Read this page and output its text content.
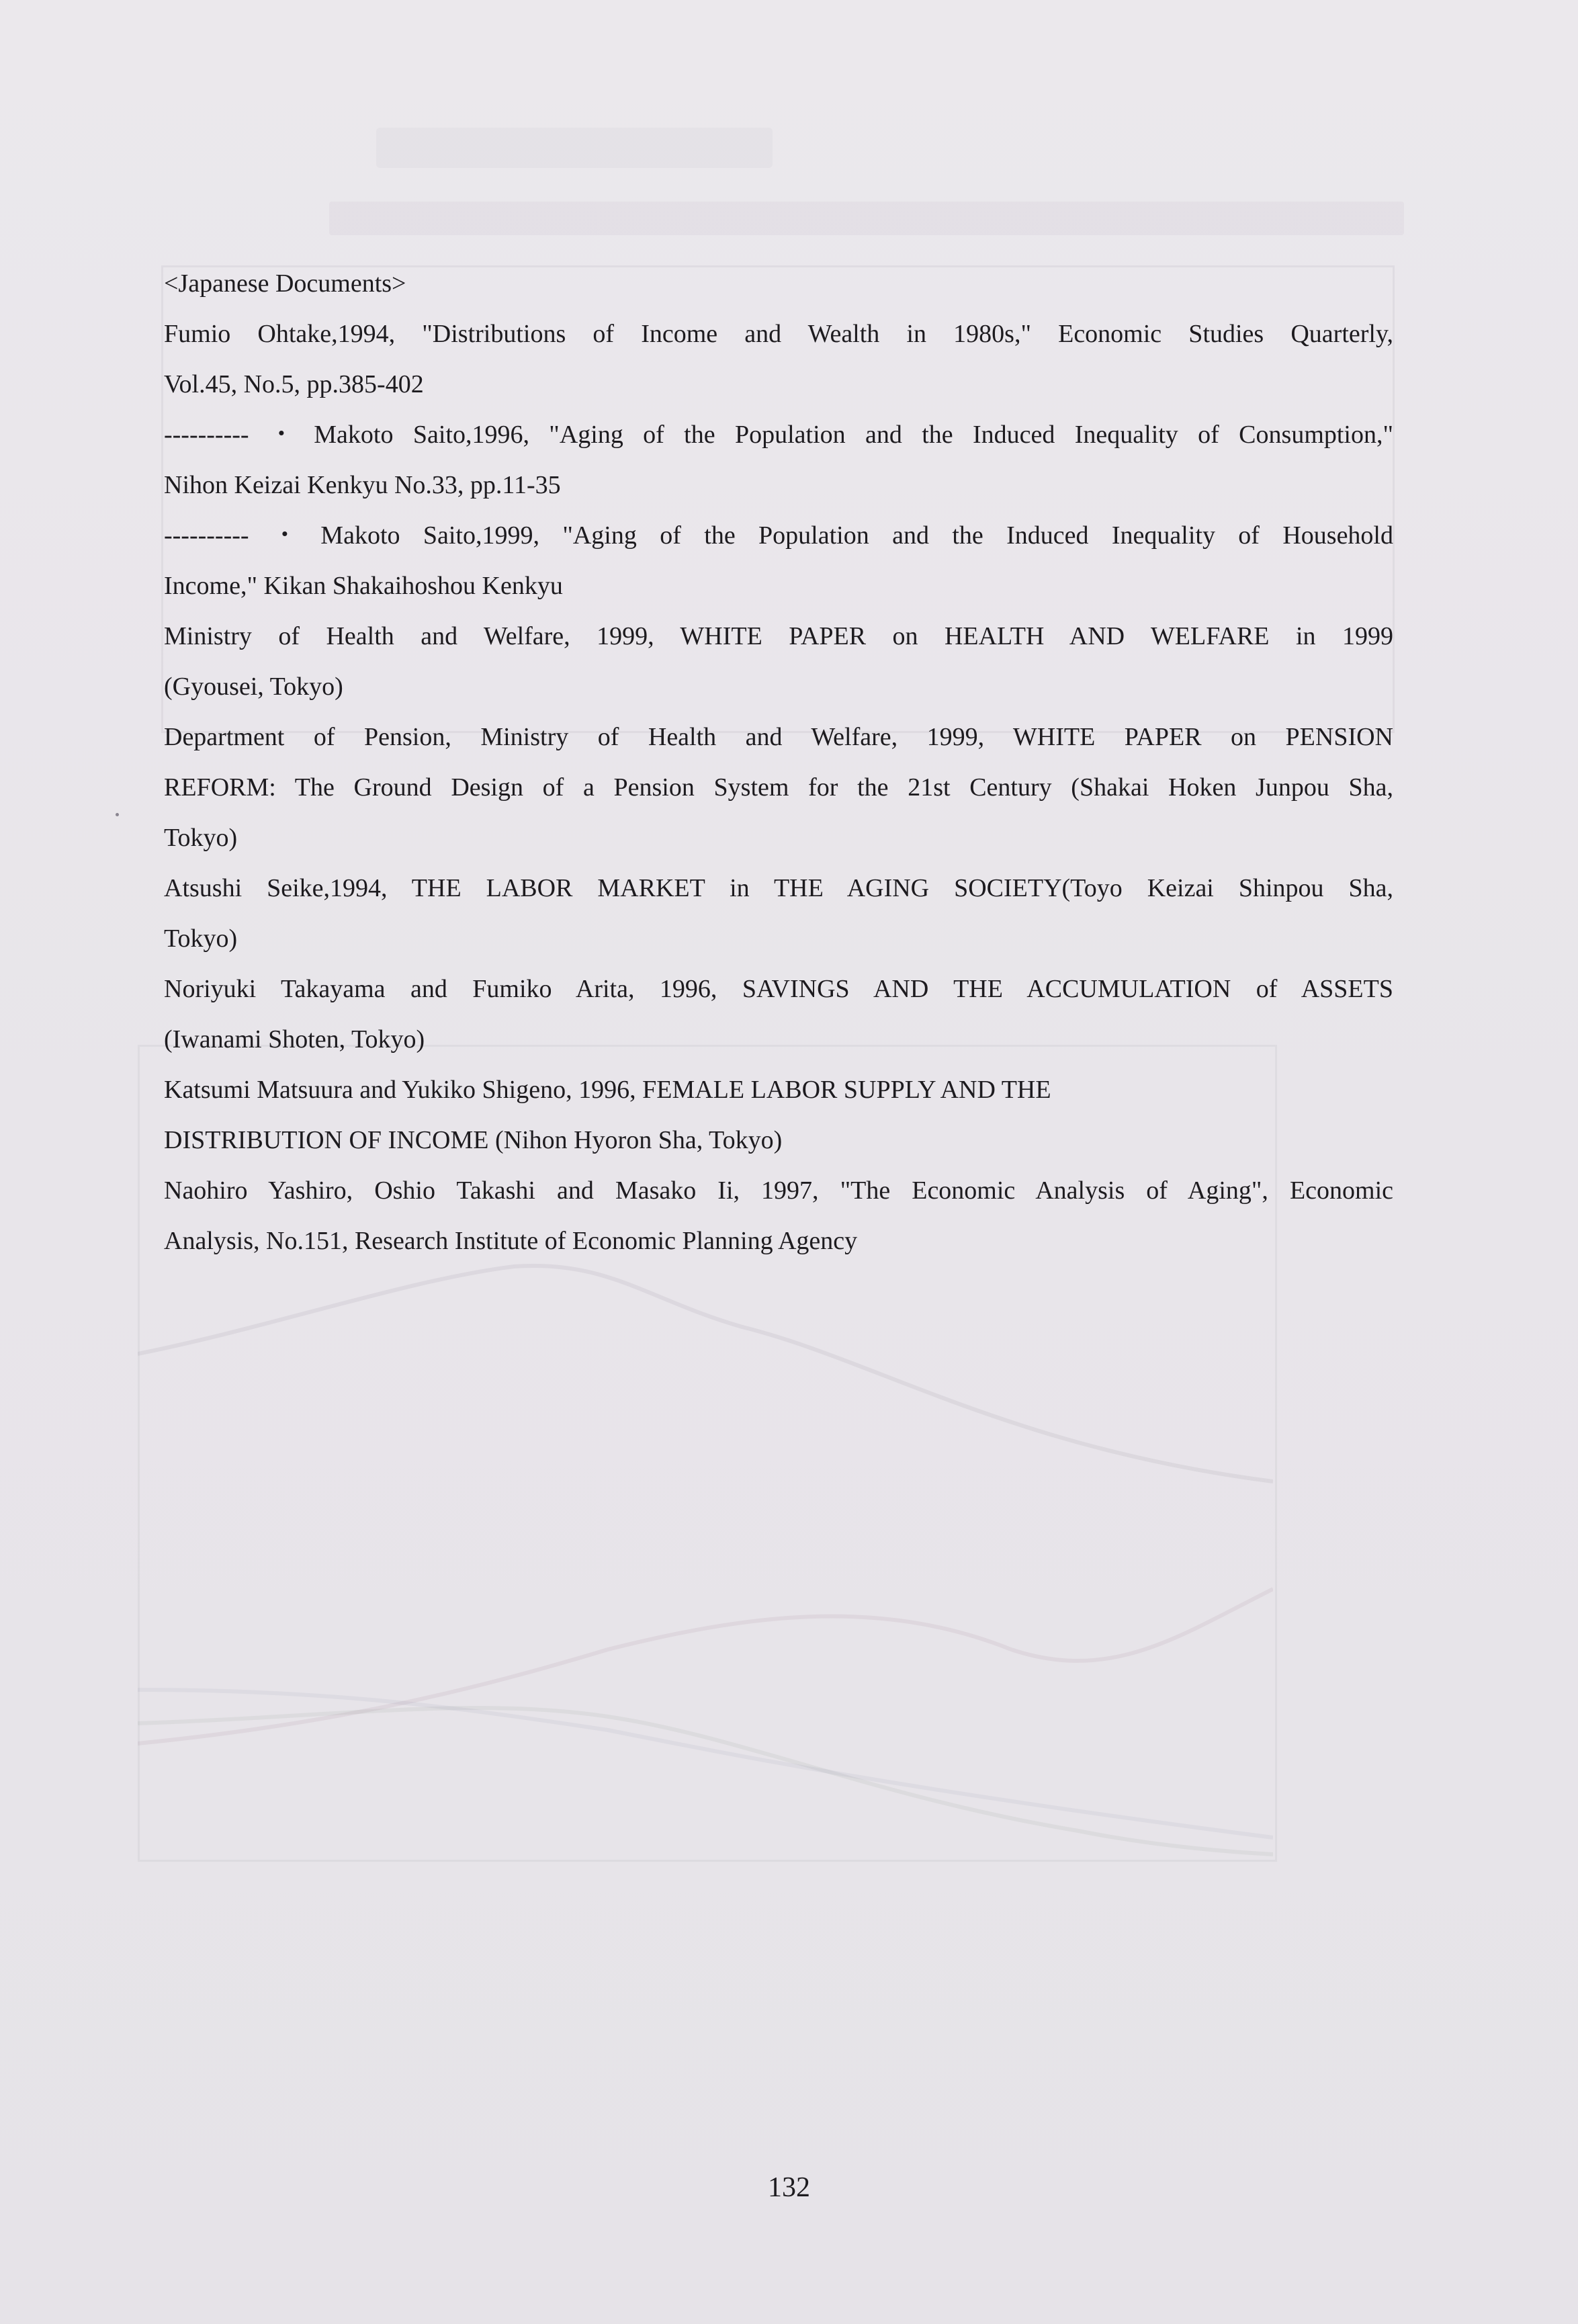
<Japanese Documents>
Fumio Ohtake,1994, "Distributions of Income and Wealth in 1980s," Economic Studies Quarterly,
Vol.45, No.5, pp.385-402
---------- ・ Makoto Saito,1996, "Aging of the Population and the Induced Inequality of Consumption,"
Nihon Keizai Kenkyu No.33, pp.11-35
---------- ・ Makoto Saito,1999, "Aging of the Population and the Induced Inequality of Household
Income," Kikan Shakaihoshou Kenkyu
Ministry of Health and Welfare, 1999, WHITE PAPER on HEALTH AND WELFARE in 1999
(Gyousei, Tokyo)
Department of Pension, Ministry of Health and Welfare, 1999, WHITE PAPER on PENSION
REFORM: The Ground Design of a Pension System for the 21st Century (Shakai Hoken Junpou Sha,
Tokyo)
Atsushi Seike,1994, THE LABOR MARKET in THE AGING SOCIETY(Toyo Keizai Shinpou Sha,
Tokyo)
Noriyuki Takayama and Fumiko Arita, 1996, SAVINGS AND THE ACCUMULATION of ASSETS
(Iwanami Shoten, Tokyo)
Katsumi Matsuura and Yukiko Shigeno, 1996, FEMALE LABOR SUPPLY AND THE
DISTRIBUTION OF INCOME (Nihon Hyoron Sha, Tokyo)
Naohiro Yashiro, Oshio Takashi and Masako Ii, 1997, "The Economic Analysis of Aging", Economic
Analysis, No.151, Research Institute of Economic Planning Agency
132
